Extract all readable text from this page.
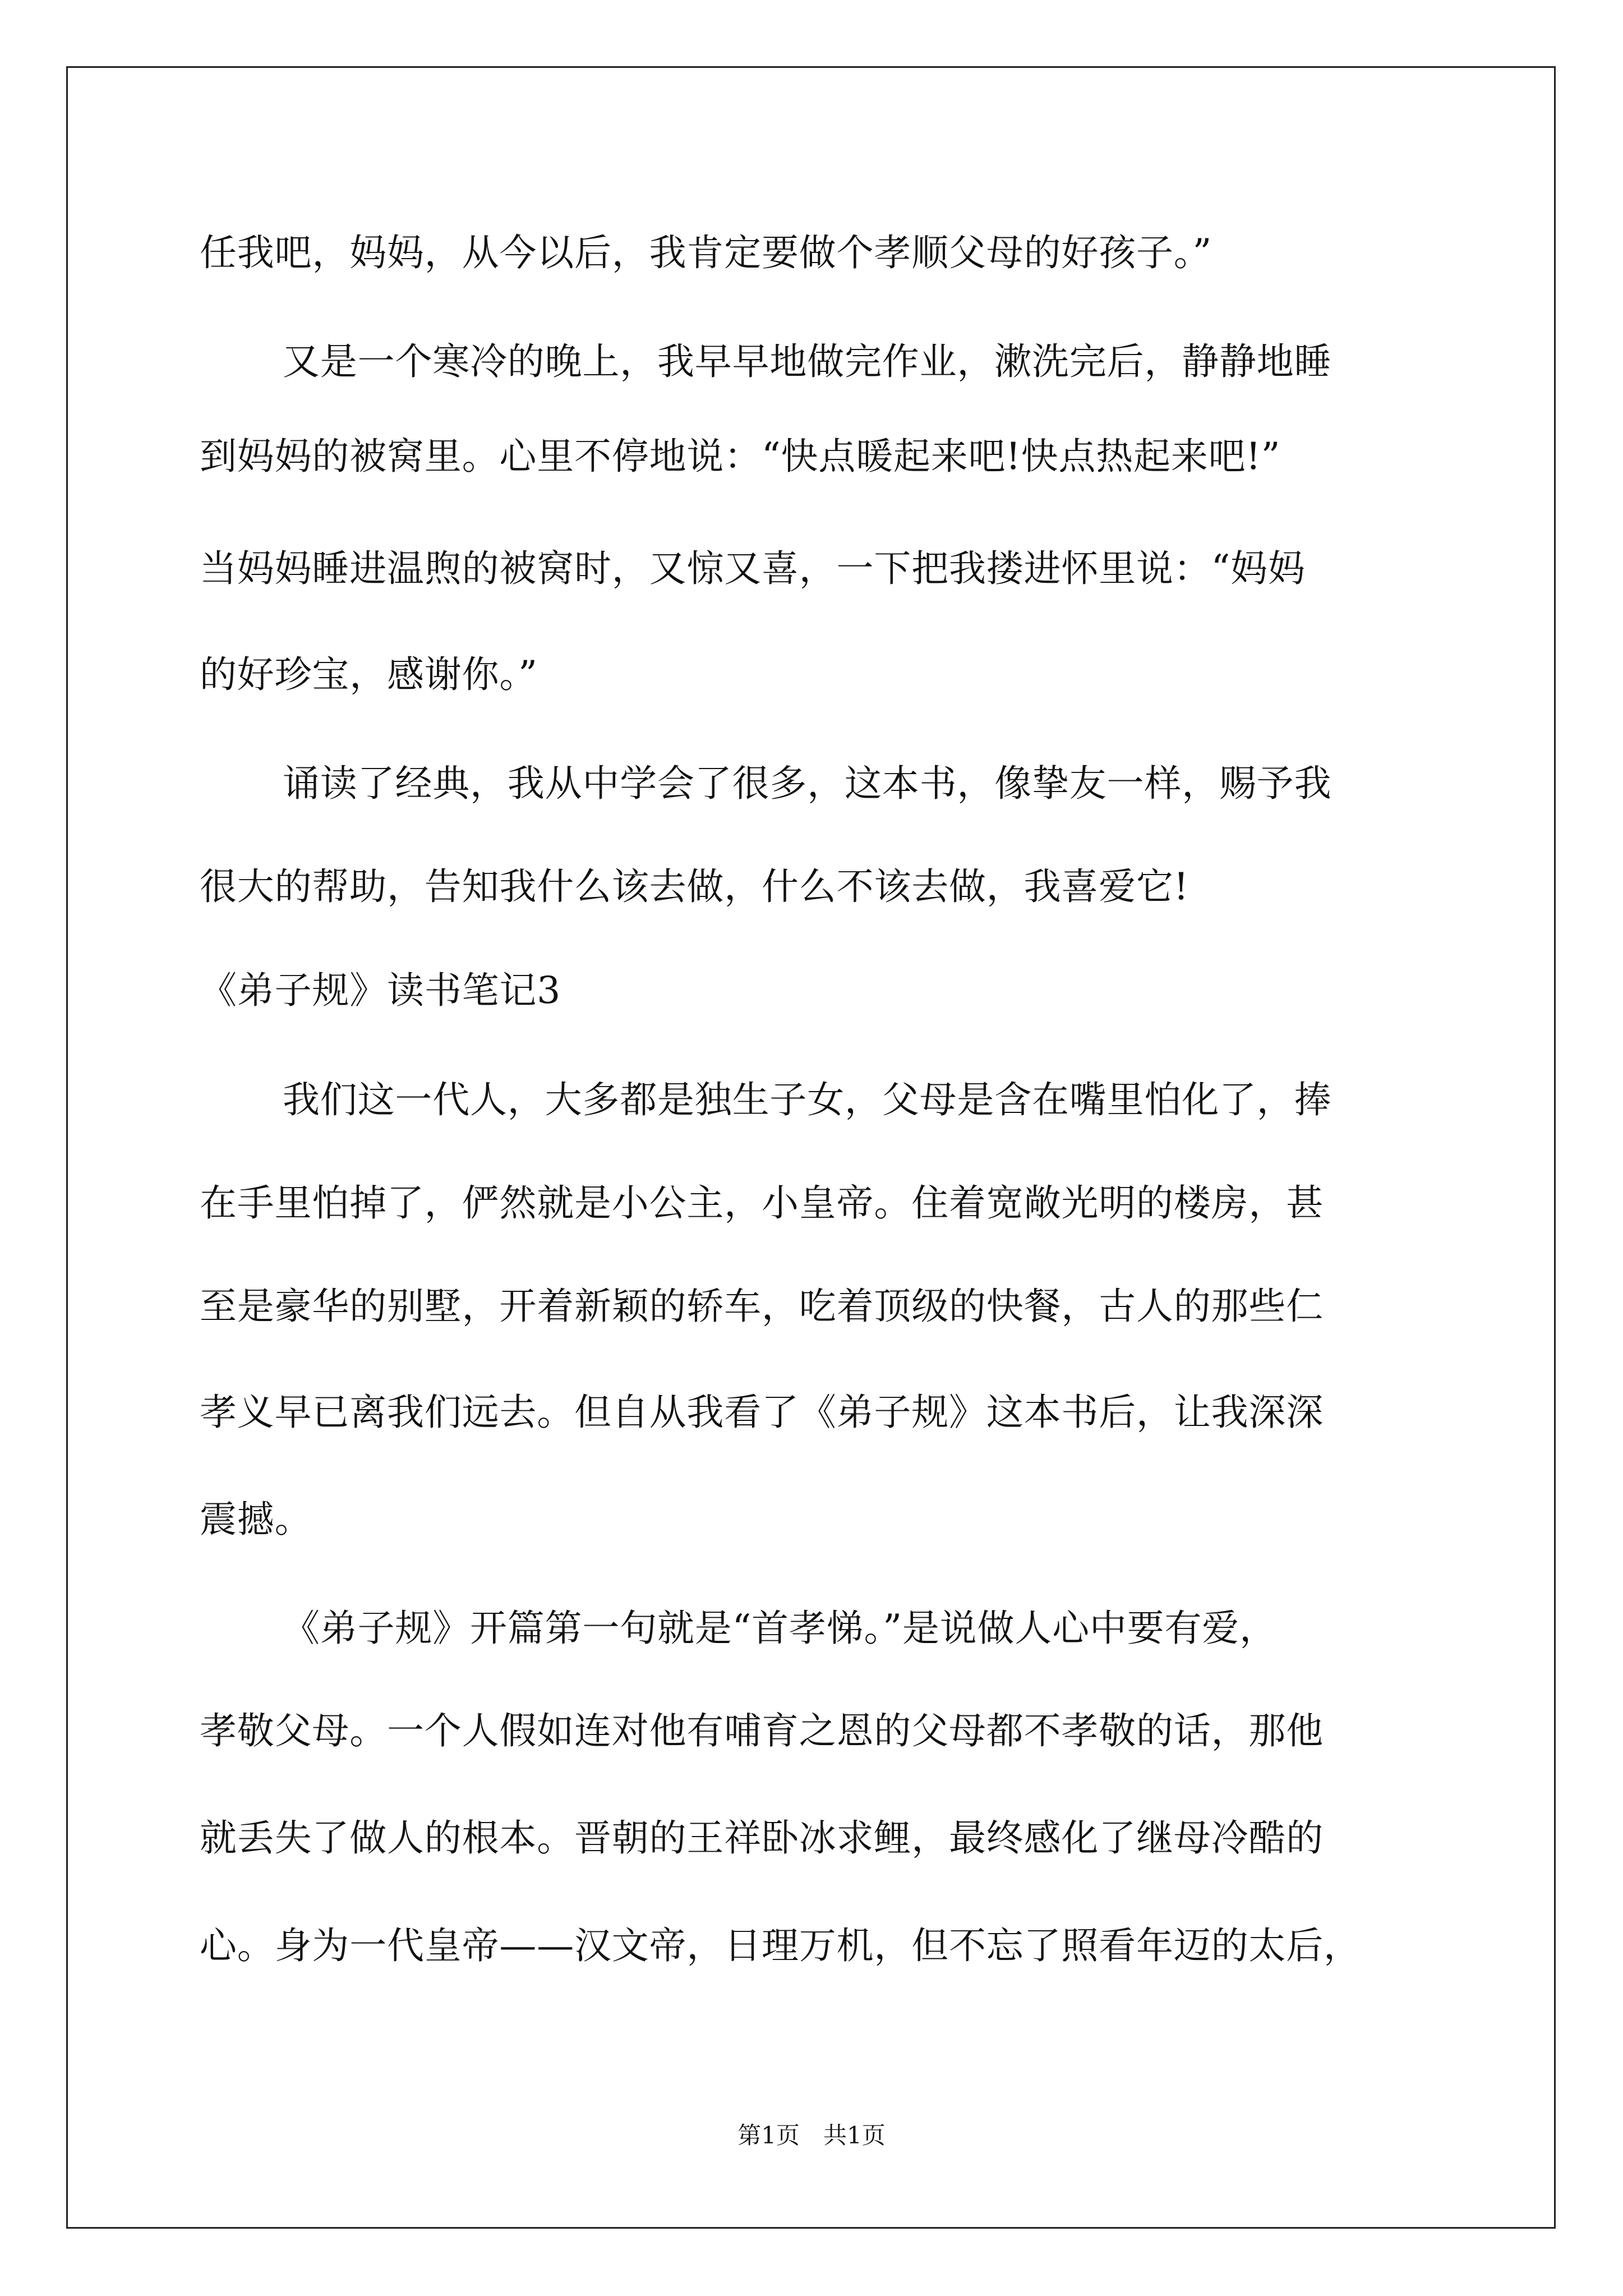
任我吧，妈妈，从今以后，我肯定要做个孝顺父母的好孩子。”
又是一个寒冷的晚上，我早早地做完作业，漱洗完后，静静地睡
到妈妈的被窝里。心里不停地说：“快点暖起来吧!快点热起来吧!”
当妈妈睡进温煦的被窝时，又惊又喜，一下把我搂进怀里说：“妈妈
的好珍宝，感谢你。”
诵读了经典，我从中学会了很多，这本书，像挚友一样，赐予我
很大的帮助，告知我什么该去做，什么不该去做，我喜爱它!
《弟子规》读书笔记3
我们这一代人，大多都是独生子女，父母是含在嘴里怕化了，捧
在手里怕掉了，俨然就是小公主，小皇帝。住着宽敞光明的楼房，甚
至是豪华的别墅，开着新颖的轿车，吃着顶级的快餐，古人的那些仁
孝义早已离我们远去。但自从我看了《弟子规》这本书后，让我深深
震撼。
《弟子规》开篇第一句就是“首孝悌。”是说做人心中要有爱，
孝敬父母。一个人假如连对他有哺育之恩的父母都不孝敬的话，那他
就丢失了做人的根本。晋朝的王祥卧冰求鲤，最终感化了继母冷酷的
心。身为一代皇帝——汉文帝，日理万机，但不忘了照看年迈的太后，
第1页　共1页
